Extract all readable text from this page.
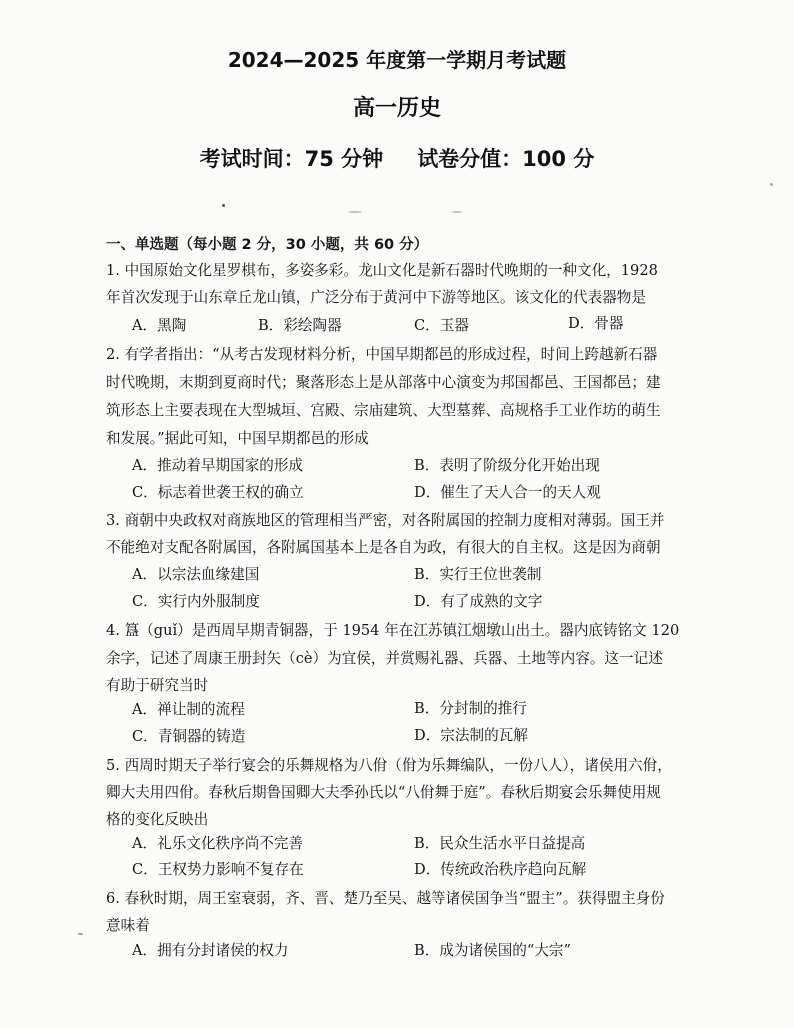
2024—2025 年度第一学期月考试题
高一历史
考试时间：75 分钟 试卷分值：100 分
一、单选题（每小题 2 分，30 小题，共 60 分）
1. 中国原始文化星罗棋布，多姿多彩。龙山文化是新石器时代晚期的一种文化，1928
年首次发现于山东章丘龙山镇，广泛分布于黄河中下游等地区。该文化的代表器物是
A．黑陶	B．彩绘陶器	C．玉器	D．骨器
2. 有学者指出：“从考古发现材料分析，中国早期都邑的形成过程，时间上跨越新石器
时代晚期，末期到夏商时代；聚落形态上是从部落中心演变为邦国都邑、王国都邑；建
筑形态上主要表现在大型城垣、宫殿、宗庙建筑、大型墓葬、高规格手工业作坊的萌生
和发展。”据此可知，中国早期都邑的形成
A．推动着早期国家的形成	B．表明了阶级分化开始出现
C．标志着世袭王权的确立	D．催生了天人合一的天人观
3. 商朝中央政权对商族地区的管理相当严密，对各附属国的控制力度相对薄弱。国王并
不能绝对支配各附属国，各附属国基本上是各自为政，有很大的自主权。这是因为商朝
A．以宗法血缘建国	B．实行王位世袭制
C．实行内外服制度	D．有了成熟的文字
4. 簋（guǐ）是西周早期青铜器，于 1954 年在江苏镇江烟墩山出土。器内底铸铭文 120
余字，记述了周康王册封矢（cè）为宜侯，并赏赐礼器、兵器、土地等内容。这一记述
有助于研究当时
A．禅让制的流程	B．分封制的推行
C．青铜器的铸造	D．宗法制的瓦解
5. 西周时期天子举行宴会的乐舞规格为八佾（佾为乐舞编队，一份八人），诸侯用六佾，
卿大夫用四佾。春秋后期鲁国卿大夫季孙氏以“八佾舞于庭”。春秋后期宴会乐舞使用规
格的变化反映出
A．礼乐文化秩序尚不完善	B．民众生活水平日益提高
C．王权势力影响不复存在	D．传统政治秩序趋向瓦解
6. 春秋时期，周王室衰弱，齐、晋、楚乃至吴、越等诸侯国争当“盟主”。获得盟主身份
意味着
A．拥有分封诸侯的权力	B．成为诸侯国的“大宗”
